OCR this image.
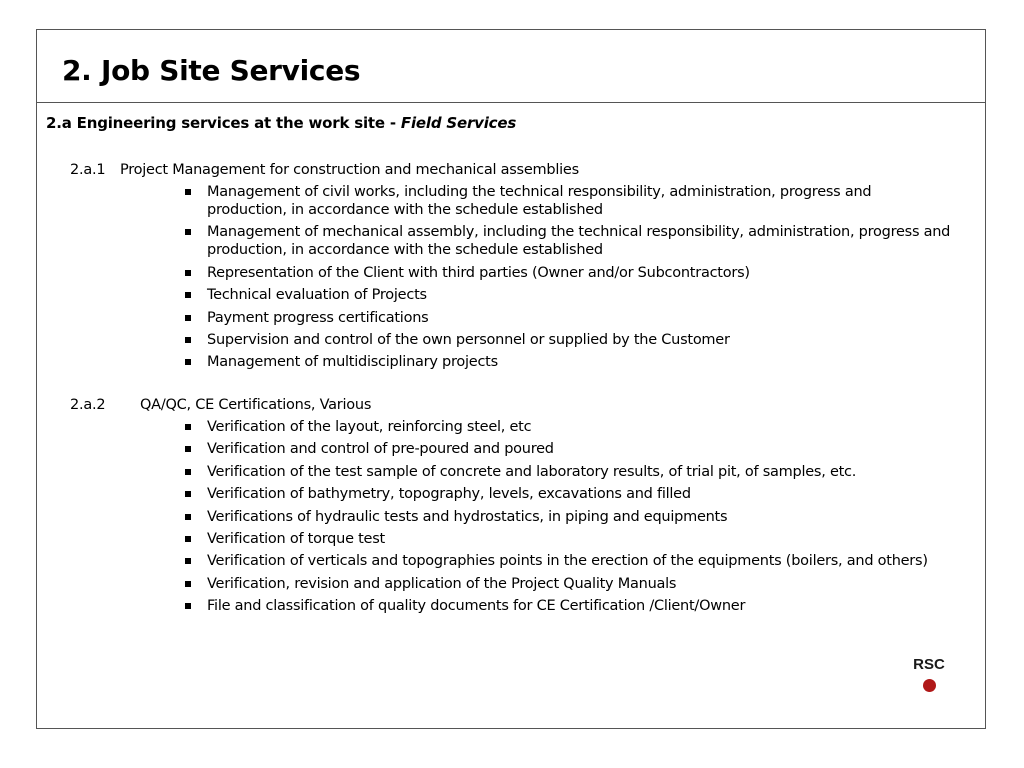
2. Job Site Services

2.a Engineering services at the work site - Field Services

2.a.1 Project Management for construction and mechanical assemblies
Management of civil works, including the technical responsibility, administration, progress and production, in accordance with the schedule established
Management of mechanical assembly, including the technical responsibility, administration, progress and production, in accordance with the schedule established
Representation of the Client with third parties (Owner and/or Subcontractors)
Technical evaluation of Projects
Payment progress certifications
Supervision and control of the own personnel or supplied by the Customer
Management of multidisciplinary projects
2.a.2 QA/QC, CE Certifications, Various
Verification of the layout, reinforcing steel, etc
Verification and control of pre-poured and poured
Verification of the test sample of concrete and laboratory results, of trial pit, of samples, etc.
Verification of bathymetry, topography, levels, excavations and filled
Verifications of hydraulic tests and hydrostatics, in piping and equipments
Verification of torque test
Verification of verticals and topographies points in the erection of the equipments (boilers, and others)
Verification, revision and application of the Project Quality Manuals
File and classification of quality documents for CE Certification /Client/Owner
RSC
